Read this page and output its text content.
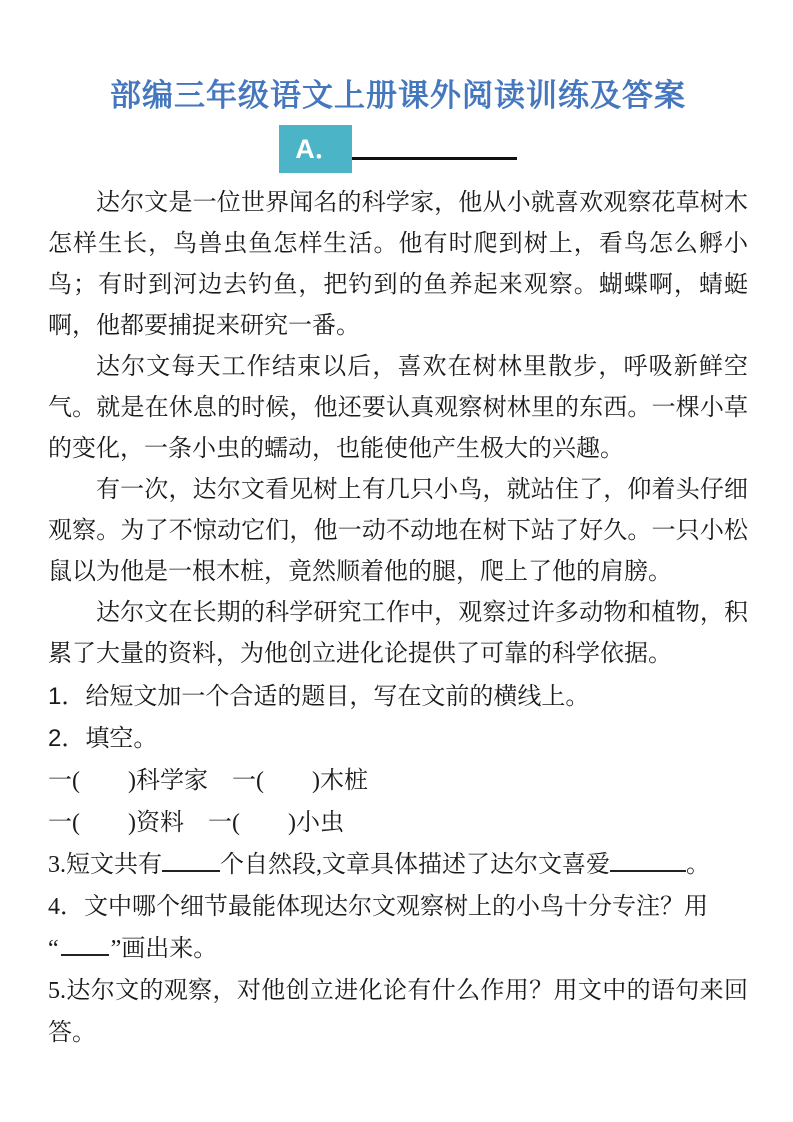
部编三年级语文上册课外阅读训练及答案
A．

达尔文是一位世界闻名的科学家，他从小就喜欢观察花草树木怎样生长，鸟兽虫鱼怎样生活。他有时爬到树上，看鸟怎么孵小鸟；有时到河边去钓鱼，把钓到的鱼养起来观察。蝴蝶啊，蜻蜓啊，他都要捕捉来研究一番。

达尔文每天工作结束以后，喜欢在树林里散步，呼吸新鲜空气。就是在休息的时候，他还要认真观察树林里的东西。一棵小草的变化，一条小虫的蠕动，也能使他产生极大的兴趣。

有一次，达尔文看见树上有几只小鸟，就站住了，仰着头仔细观察。为了不惊动它们，他一动不动地在树下站了好久。一只小松鼠以为他是一根木桩，竟然顺着他的腿，爬上了他的肩膀。

达尔文在长期的科学研究工作中，观察过许多动物和植物，积累了大量的资料，为他创立进化论提供了可靠的科学依据。

1．给短文加一个合适的题目，写在文前的横线上。

2．填空。

一(　　)科学家　一(　　)木桩

一(　　)资料　一(　　)小虫

3.短文共有 个自然段,文章具体描述了达尔文喜爱	。

4．文中哪个细节最能体现达尔文观察树上的小鸟十分专注？用
“ ”画出来。

5.达尔文的观察，对他创立进化论有什么作用？用文中的语句来回答。
